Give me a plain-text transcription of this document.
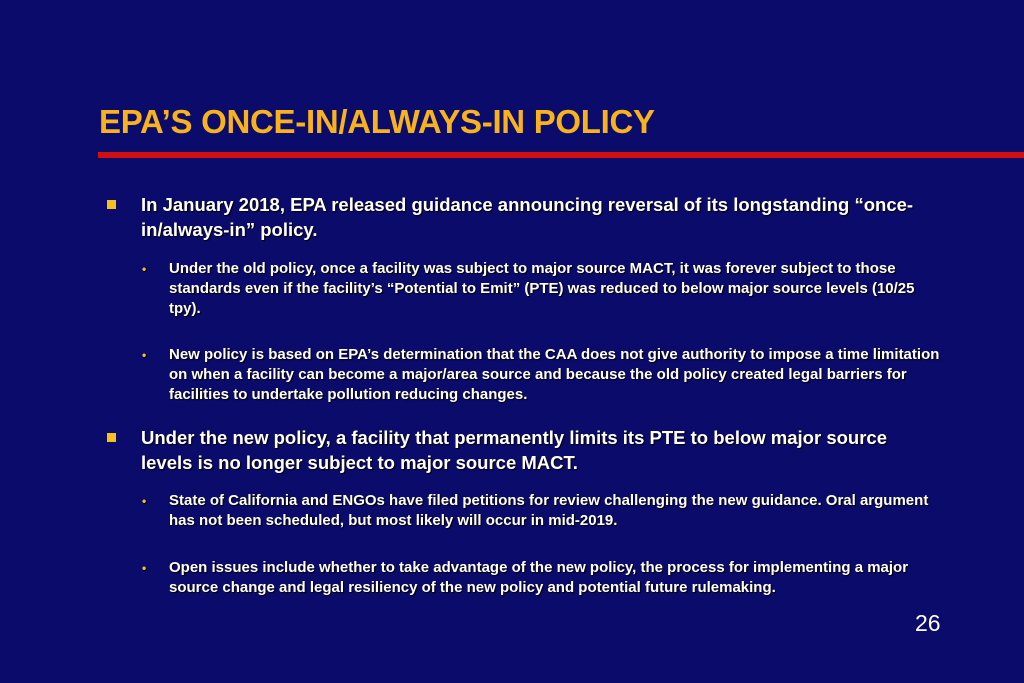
EPA’S ONCE-IN/ALWAYS-IN POLICY
In January 2018, EPA released guidance announcing reversal of its longstanding “once-in/always-in” policy.
• Under the old policy, once a facility was subject to major source MACT, it was forever subject to those standards even if the facility’s “Potential to Emit” (PTE) was reduced to below major source levels (10/25 tpy).
• New policy is based on EPA’s determination that the CAA does not give authority to impose a time limitation on when a facility can become a major/area source and because the old policy created legal barriers for facilities to undertake pollution reducing changes.
Under the new policy, a facility that permanently limits its PTE to below major source levels is no longer subject to major source MACT.
• State of California and ENGOs have filed petitions for review challenging the new guidance. Oral argument has not been scheduled, but most likely will occur in mid-2019.
• Open issues include whether to take advantage of the new policy, the process for implementing a major source change and legal resiliency of the new policy and potential future rulemaking.
26
